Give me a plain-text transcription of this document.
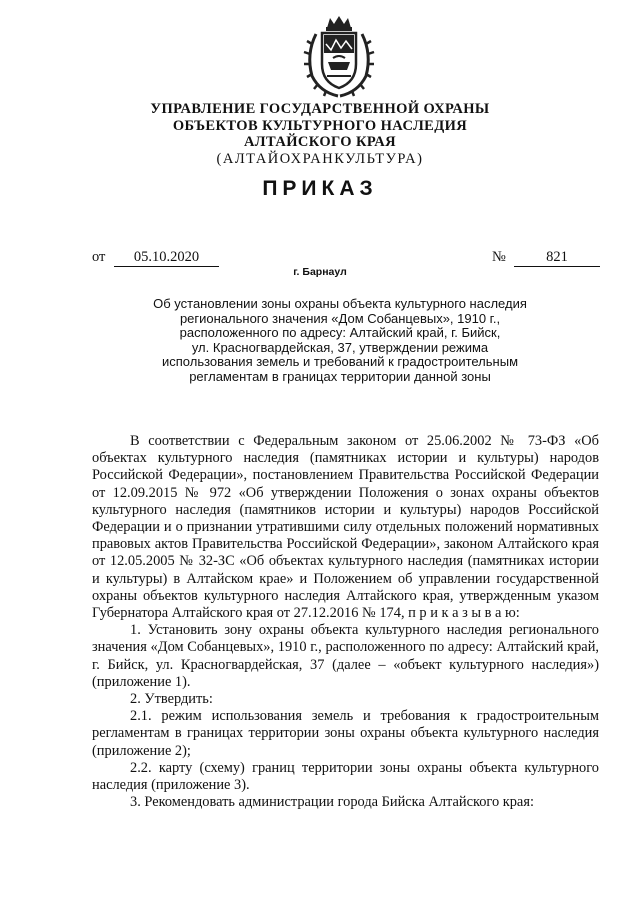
УПРАВЛЕНИЕ ГОСУДАРСТВЕННОЙ ОХРАНЫ
ОБЪЕКТОВ КУЛЬТУРНОГО НАСЛЕДИЯ
АЛТАЙСКОГО КРАЯ
(АЛТАЙОХРАНКУЛЬТУРА)
ПРИКАЗ
от	05.10.2020	№	821
г. Барнаул
Об установлении зоны охраны объекта культурного наследия
регионального значения «Дом Собанцевых», 1910 г.,
расположенного по адресу: Алтайский край, г. Бийск,
ул. Красногвардейская, 37, утверждении режима
использования земель и требований к градостроительным
регламентам в границах территории данной зоны

В соответствии с Федеральным законом от 25.06.2002 № 73-ФЗ «Об объектах культурного наследия (памятниках истории и культуры) народов Российской Федерации», постановлением Правительства Российской Федерации от 12.09.2015 № 972 «Об утверждении Положения о зонах охраны объектов культурного наследия (памятников истории и культуры) народов Российской Федерации и о признании утратившими силу отдельных положений нормативных правовых актов Правительства Российской Федерации», законом Алтайского края от 12.05.2005 № 32-ЗС «Об объектах культурного наследия (памятниках истории и культуры) в Алтайском крае» и Положением об управлении государственной охраны объектов культурного наследия Алтайского края, утвержденным указом Губернатора Алтайского края от 27.12.2016 № 174, п р и к а з ы в а ю:

1. Установить зону охраны объекта культурного наследия регионального значения «Дом Собанцевых», 1910 г., расположенного по адресу: Алтайский край, г. Бийск, ул. Красногвардейская, 37 (далее – «объект культурного наследия») (приложение 1).

2. Утвердить:

2.1. режим использования земель и требования к градостроительным регламентам в границах территории зоны охраны объекта культурного наследия (приложение 2);

2.2. карту (схему) границ территории зоны охраны объекта культурного наследия (приложение 3).

3. Рекомендовать администрации города Бийска Алтайского края:
